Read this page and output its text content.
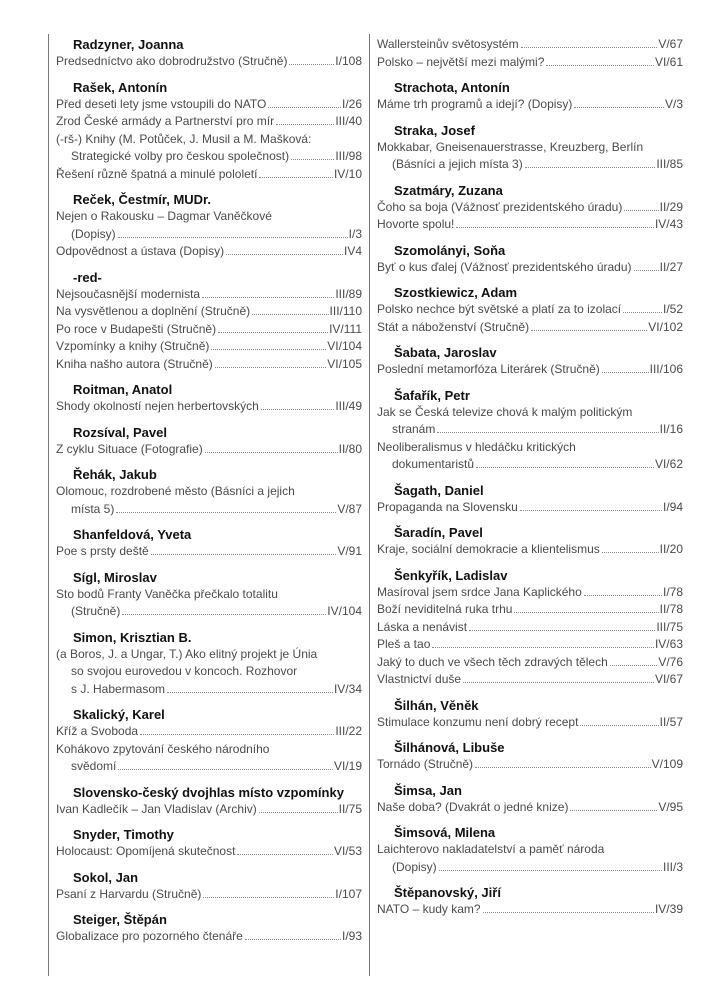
Radzyner, Joanna
Predsedníctvo ako dobrodružstvo (Stručně)	I/108
Rašek, Antonín
Před deseti lety jsme vstoupili do NATO	I/26
Zrod České armády a Partnerství pro mír	III/40
(-rš-) Knihy (M. Potůček, J. Musil a M. Mašková:
Strategické volby pro českou společnost)	III/98
Řešení různě špatná a minulé pololetí	IV/10
Reček, Čestmír, MUDr.
Nejen o Rakousku – Dagmar Vaněčkové
(Dopisy)	I/3
Odpovědnost a ústava (Dopisy)	IV4
-red-
Nejsoučasnější modernista	III/89
Na vysvětlenou a doplnění (Stručně)	III/110
Po roce v Budapešti (Stručně)	IV/111
Vzpomínky a knihy (Stručně)	VI/104
Kniha našho autora (Stručně)	VI/105
Roitman, Anatol
Shody okolností nejen herbertovských	III/49
Rozsíval, Pavel
Z cyklu Situace (Fotografie)	II/80
Řehák, Jakub
Olomouc, rozdrobené město (Básníci a jejich
místa 5)	V/87
Shanfeldová, Yveta
Poe s prsty deště	V/91
Sígl, Miroslav
Sto bodů Franty Vaněčka přečkalo totalitu
(Stručně)	IV/104
Simon, Krisztian B.
(a Boros, J. a Ungar, T.) Ako elitný projekt je Únia
so svojou eurovedou v koncoch. Rozhovor
s J. Habermasom	IV/34
Skalický, Karel
Kříž a Svoboda	III/22
Kohákovo zpytování českého národního
svědomí	VI/19
Slovensko-český dvojhlas místo vzpomínky
Ivan Kadlečík – Jan Vladislav (Archiv)	II/75
Snyder, Timothy
Holocaust: Opomíjená skutečnost	VI/53
Sokol, Jan
Psaní z Harvardu (Stručně)	I/107
Steiger, Štěpán
Globalizace pro pozorného čtenáře	I/93
Wallersteinův světosystém	V/67
Polsko – největší mezi malými?	VI/61
Strachota, Antonín
Máme trh programů a idejí? (Dopisy)	V/3
Straka, Josef
Mokkabar, Gneisenauerstrasse, Kreuzberg, Berlín
(Básníci a jejich místa 3)	III/85
Szatmáry, Zuzana
Čoho sa boja (Vážnosť prezidentského úradu)	II/29
Hovorte spolu!	IV/43
Szomolányi, Soňa
Byť o kus ďalej (Vážnosť prezidentského úradu) II/27
Szostkiewicz, Adam
Polsko nechce být světské a platí za to izolací	I/52
Stát a náboženství (Stručně)	VI/102
Šabata, Jaroslav
Poslední metamorfóza Literárek (Stručně)	III/106
Šafařík, Petr
Jak se Česká televize chová k malým politickým
stranám	II/16
Neoliberalismus v hledáčku kritických
dokumentaristů	VI/62
Šagath, Daniel
Propaganda na Slovensku	I/94
Šaradín, Pavel
Kraje, sociální demokracie a klientelismus	II/20
Šenkyřík, Ladislav
Masíroval jsem srdce Jana Kaplického	I/78
Boží neviditelná ruka trhu	II/78
Láska a nenávist	III/75
Pleš a tao	IV/63
Jaký to duch ve všech těch zdravých tělech	V/76
Vlastnictví duše	VI/67
Šilhán, Věněk
Stimulace konzumu není dobrý recept	II/57
Šilhánová, Libuše
Tornádo (Stručně)	V/109
Šimsa, Jan
Naše doba? (Dvakrát o jedné knize)	V/95
Šimsová, Milena
Laichterovo nakladatelství a paměť národa
(Dopisy)	III/3
Štěpanovský, Jiří
NATO – kudy kam?	IV/39
